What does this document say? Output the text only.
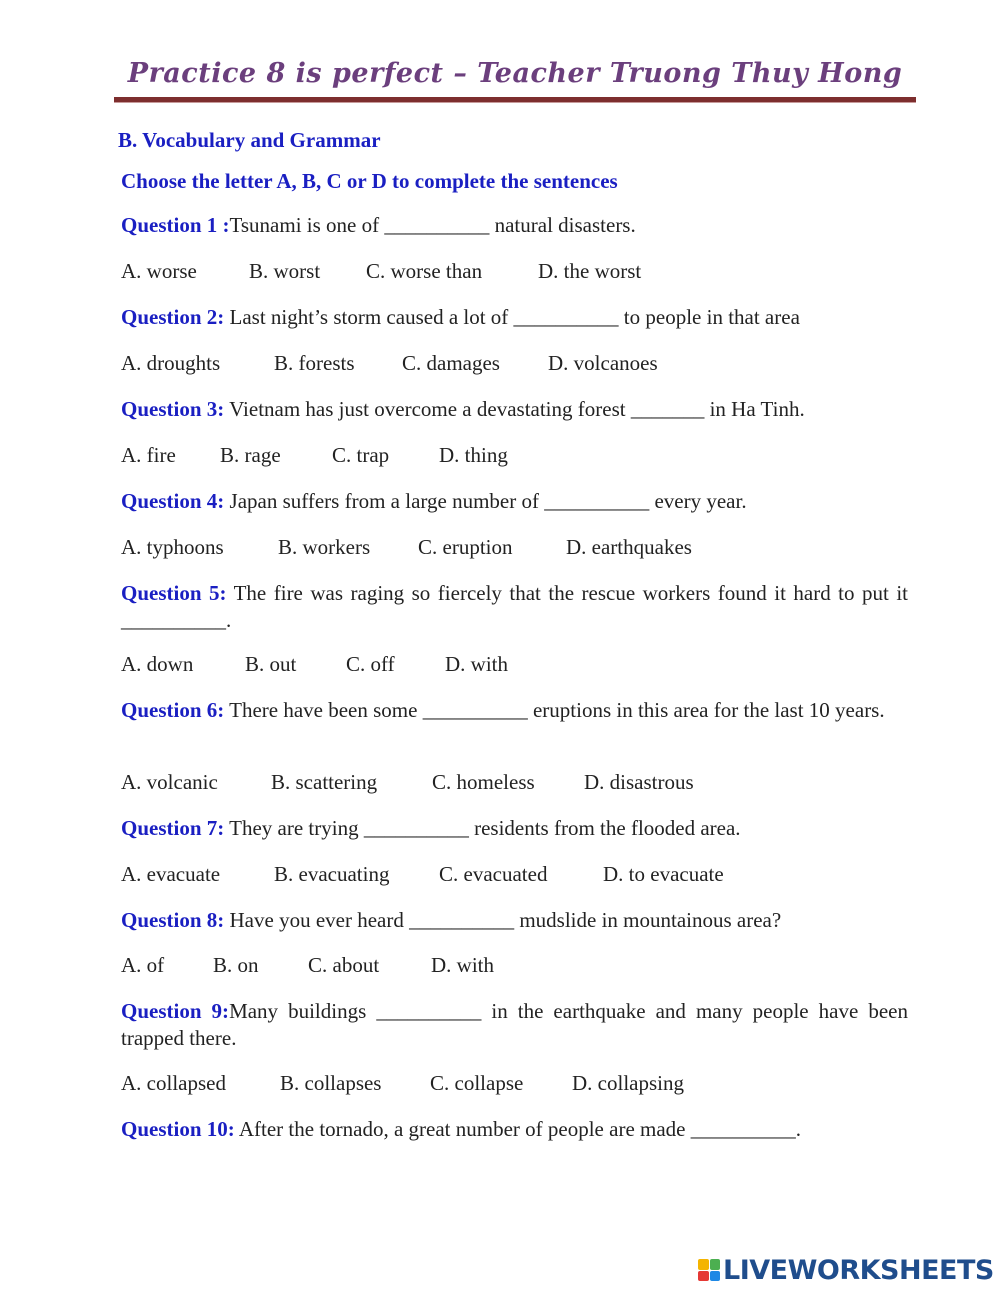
Practice 8 is perfect – Teacher Truong Thuy Hong
B. Vocabulary and Grammar
Choose the letter A, B, C or D to complete the sentences
Question 1 :Tsunami is one of __________ natural disasters.
A. worse B. worst C. worse than	D. the worst
Question 2: Last night’s storm caused a lot of __________ to people in that area
A. droughts	B. forests C. damages D. volcanoes
Question 3: Vietnam has just overcome a devastating forest _______ in Ha Tinh.
A. fire B. rage C. trap D. thing
Question 4: Japan suffers from a large number of __________ every year.
A. typhoons	B. workers C. eruption	D. earthquakes
Question 5: The fire was raging so fiercely that the rescue workers found it hard to put it __________.
A. down B. out C. off D. with
Question 6: There have been some __________ eruptions in this area for the last 10 years.
A. volcanic	B. scattering	C. homeless D. disastrous
Question 7: They are trying __________ residents from the flooded area.
A. evacuate	B. evacuating C. evacuated	D. to evacuate
Question 8: Have you ever heard __________ mudslide in mountainous area?
A. of B. on C. about D. with
Question 9:Many buildings __________ in the earthquake and many people have been trapped there.
A. collapsed	B. collapses C. collapse D. collapsing
Question 10: After the tornado, a great number of people are made __________.
LIVEWORKSHEETS
